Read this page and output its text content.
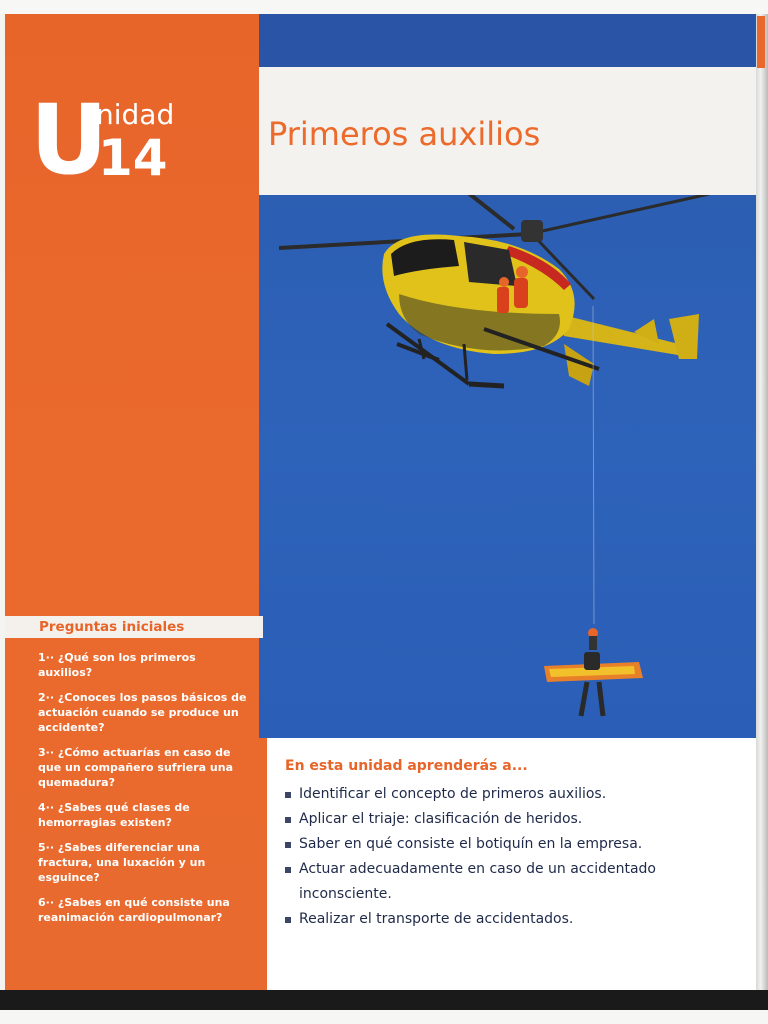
U
nidad
14	Primeros auxilios
Preguntas iniciales
1·· ¿Qué son los primeros auxilios?
2·· ¿Conoces los pasos básicos de actuación cuando se produce un accidente?
3·· ¿Cómo actuarías en caso de que un compañero sufriera una quemadura?
4·· ¿Sabes qué clases de hemorragias existen?
5·· ¿Sabes diferenciar una fractura, una luxación y un esguince?
6·· ¿Sabes en qué consiste una reanimación cardiopulmonar?
En esta unidad aprenderás a...
Identificar el concepto de primeros auxilios.
Aplicar el triaje: clasificación de heridos.
Saber en qué consiste el botiquín en la empresa.
Actuar adecuadamente en caso de un accidentado
inconsciente.
Realizar el transporte de accidentados.
